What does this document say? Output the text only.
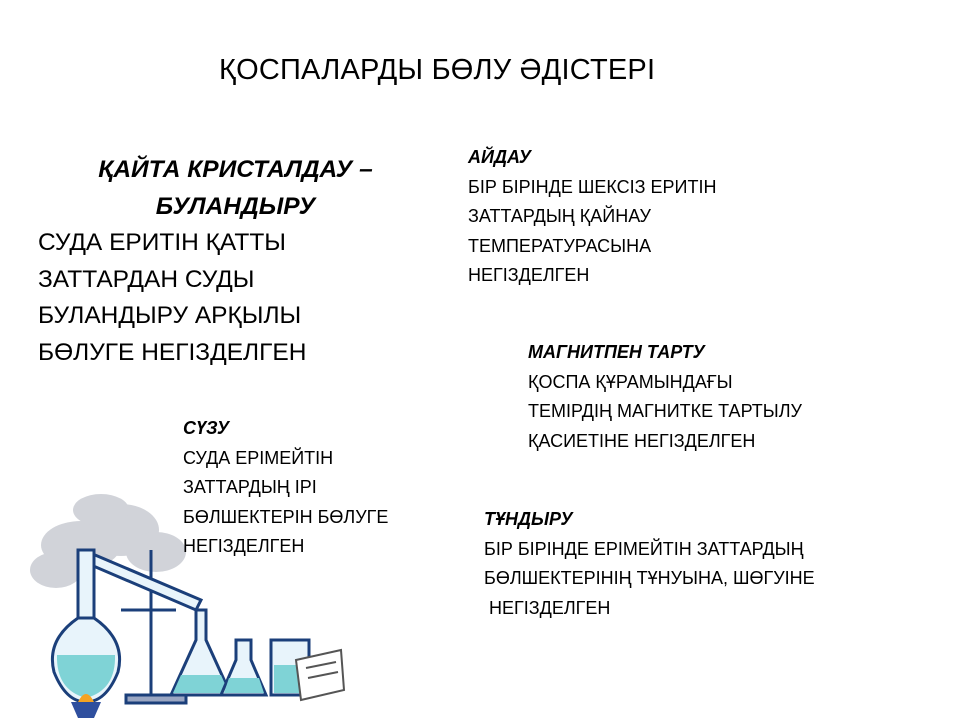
ҚОСПАЛАРДЫ БӨЛУ ӘДІСТЕРІ

ҚАЙТА КРИСТАЛДАУ –

БУЛАНДЫРУ

СУДА ЕРИТІН ҚАТТЫ

ЗАТТАРДАН СУДЫ

БУЛАНДЫРУ АРҚЫЛЫ

БӨЛУГЕ НЕГІЗДЕЛГЕН

АЙДАУ

БІР БІРІНДЕ ШЕКСІЗ ЕРИТІН

ЗАТТАРДЫҢ ҚАЙНАУ

ТЕМПЕРАТУРАСЫНА

НЕГІЗДЕЛГЕН

МАГНИТПЕН ТАРТУ

ҚОСПА ҚҰРАМЫНДАҒЫ

ТЕМІРДІҢ МАГНИТКЕ ТАРТЫЛУ

ҚАСИЕТІНЕ НЕГІЗДЕЛГЕН

СҮЗУ

СУДА ЕРІМЕЙТІН

ЗАТТАРДЫҢ ІРІ

БӨЛШЕКТЕРІН БӨЛУГЕ

НЕГІЗДЕЛГЕН

ТҰНДЫРУ

БІР БІРІНДЕ ЕРІМЕЙТІН ЗАТТАРДЫҢ

БӨЛШЕКТЕРІНІҢ ТҰНУЫНА, ШӨГУІНЕ

НЕГІЗДЕЛГЕН
